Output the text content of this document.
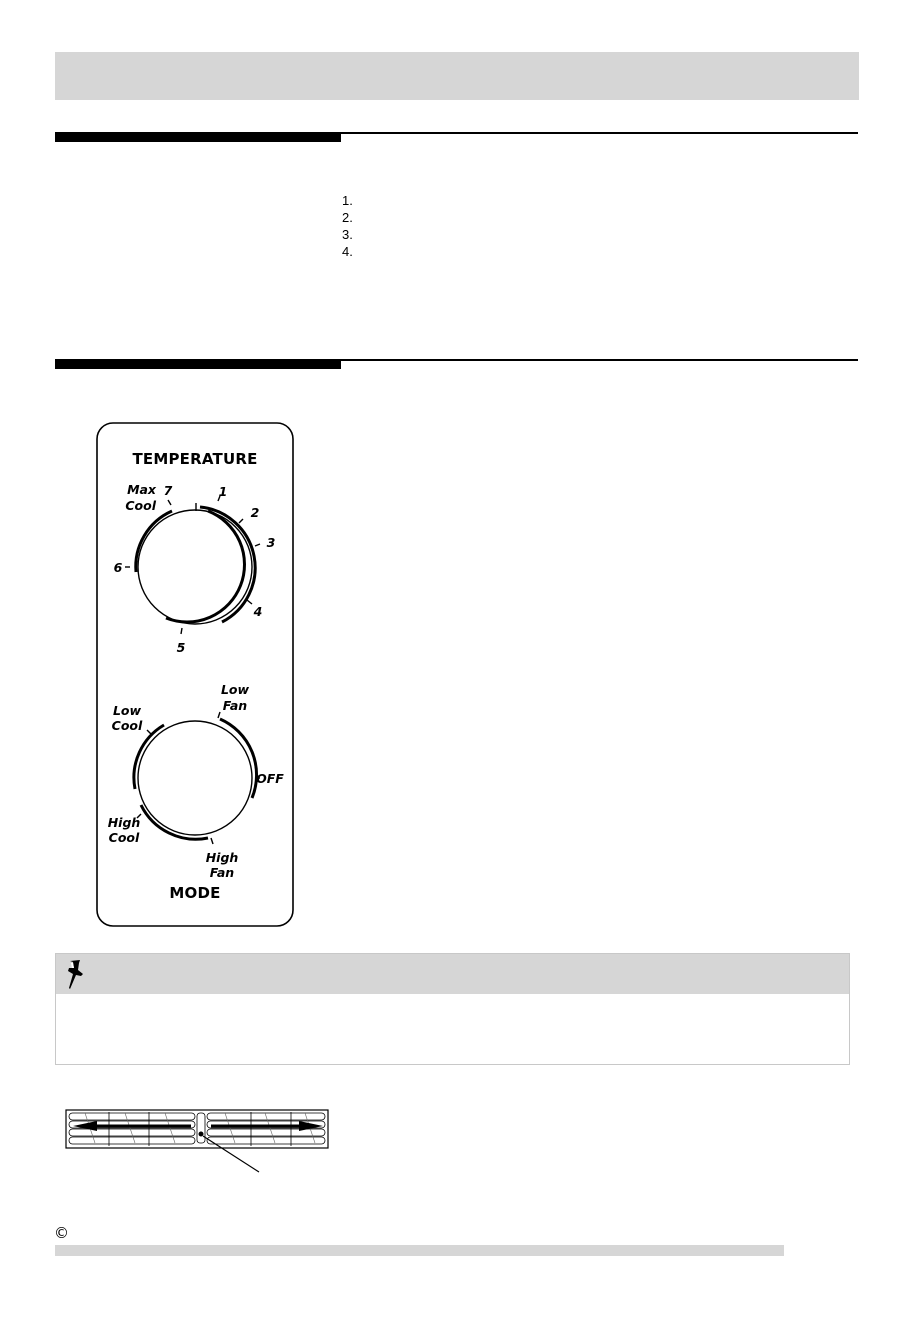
1.
2.
3.
4.
TEMPERATURE
Max
Cool
7	1
2
3
4
5
6
Low
Fan
Low
Cool
OFF
High
Cool
High
Fan
MODE
©
